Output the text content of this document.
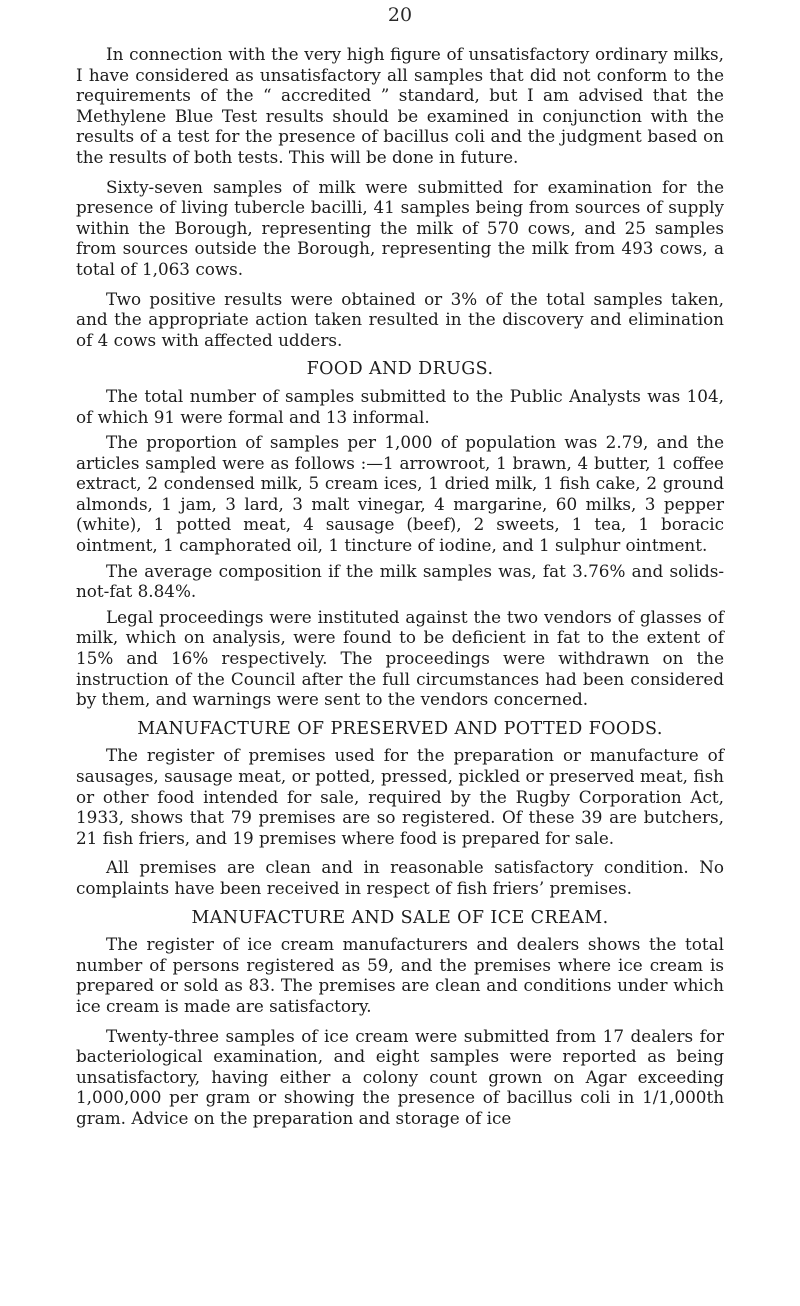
20

In connection with the very high figure of unsatisfactory ordinary milks, I have considered as unsatisfactory all samples that did not conform to the requirements of the “ accredited ” standard, but I am advised that the Methylene Blue Test results should be examined in conjunction with the results of a test for the presence of bacillus coli and the judgment based on the results of both tests. This will be done in future.

Sixty-seven samples of milk were submitted for examination for the presence of living tubercle bacilli, 41 samples being from sources of supply within the Borough, representing the milk of 570 cows, and 25 samples from sources outside the Borough, representing the milk from 493 cows, a total of 1,063 cows.

Two positive results were obtained or 3% of the total samples taken, and the appropriate action taken resulted in the discovery and elimination of 4 cows with affected udders.

FOOD AND DRUGS.

The total number of samples submitted to the Public Analysts was 104, of which 91 were formal and 13 informal.

The proportion of samples per 1,000 of population was 2.79, and the articles sampled were as follows :—1 arrowroot, 1 brawn, 4 butter, 1 coffee extract, 2 condensed milk, 5 cream ices, 1 dried milk, 1 fish cake, 2 ground almonds, 1 jam, 3 lard, 3 malt vinegar, 4 margarine, 60 milks, 3 pepper (white), 1 potted meat, 4 sausage (beef), 2 sweets, 1 tea, 1 boracic ointment, 1 camphorated oil, 1 tincture of iodine, and 1 sulphur ointment.

The average composition if the milk samples was, fat 3.76% and solids-not-fat 8.84%.

Legal proceedings were instituted against the two vendors of glasses of milk, which on analysis, were found to be deficient in fat to the extent of 15% and 16% respectively. The proceedings were withdrawn on the instruction of the Council after the full circumstances had been considered by them, and warnings were sent to the vendors concerned.

MANUFACTURE OF PRESERVED AND POTTED FOODS.

The register of premises used for the preparation or manufacture of sausages, sausage meat, or potted, pressed, pickled or preserved meat, fish or other food intended for sale, required by the Rugby Corporation Act, 1933, shows that 79 premises are so registered. Of these 39 are butchers, 21 fish friers, and 19 premises where food is prepared for sale.

All premises are clean and in reasonable satisfactory condition. No complaints have been received in respect of fish friers’ premises.

MANUFACTURE AND SALE OF ICE CREAM.

The register of ice cream manufacturers and dealers shows the total number of persons registered as 59, and the premises where ice cream is prepared or sold as 83. The premises are clean and conditions under which ice cream is made are satisfactory.

Twenty-three samples of ice cream were submitted from 17 dealers for bacteriological examination, and eight samples were reported as being unsatisfactory, having either a colony count grown on Agar exceeding 1,000,000 per gram or showing the presence of bacillus coli in 1/1,000th gram. Advice on the preparation and storage of ice
